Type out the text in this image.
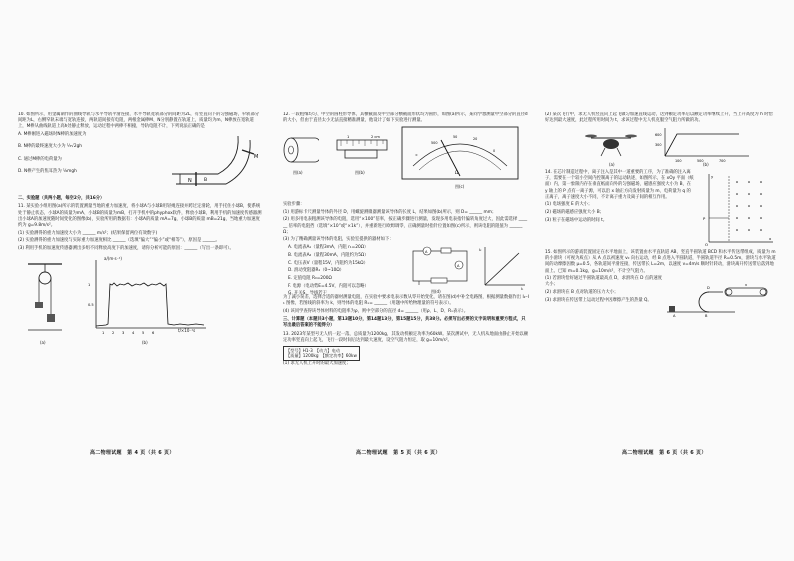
10. 如图所示，用金属制作的曲线导轨与水平导轨平滑连接，水平导轨宽轨部分的间距为2L，有竖直向下的匀强磁场，窄轨部分间距为L，右侧窄轨末端与宽轨连接，两轨道间接有电阻，两根金属棒M、N分别静置在轨道上，质量均为m，N棒放在宽轨道上，M棒从曲线轨道上高h处静止释放，运动过程中两棒不相撞，导轨电阻不计，下列说法正确的是

A. M棒刚进入磁场时N棒的加速度为

B. N棒的最终速度大小为 ⅓√2gh

C. 通过M棒的电荷量为

D. N棒产生的焦耳热为 ⅙mgh

M
N	B

二、实验题（共两小题，每空2分，共16分）

11. 某实验小组用图(a)所示的装置测量当地的重力加速度，将小球A与小球B用轻绳连接并跨过定滑轮，用手托住小球B，使系统处于静止状态，小球A的质量为mA、小球B的质量为mB，打开手机中的phyphox软件，释放小球B，利用手机的加速度传感器测出小球A的加速度随时间变化的图像(b)，实验所用的数据有：小球A的质量 mA=7g，小球B的质量 mB=21g，当地重力加速度约为 g=9.8m/s²。

(1) 实验测得的重力加速度大小为 ______ m/s²；(结果保留两位有效数字)

(2) 实验测得的重力加速度与实际重力加速度相比 ______（选填“偏大”“偏小”或“相等”），原因是 ______。

(3) 利用手机的加速度传感器测出多组不同释放高度下的加速度，请你分析可能的原因：______（写出一条即可）。

(a)
1 2 3 4 5 6
1
0.5
a/(m·s⁻²)
t/×10⁻¹s
(b)
高二物理试题　第 4 页（共 6 页）

12. 一段粗细均匀、中空的圆柱形导体，其横截面及中空部分横截面形状均为圆形，如图(a)所示，某同学想测量中空部分的直径d的大小，但由于直径太小无法直接精准测量，他设计了如下实验进行测量。

图(a)
1	2 cm
图(b)
∞
500
50	20
0
Ω
图(c)

实验步骤：

(1) 用游标卡尺测量导体的外径 D，用螺旋测微器测量该导体的长度 L，结果如图(b)所示，则 D= ______ mm；

(2) 用多用电表粗测该导体的电阻，选用“×100”倍率，按正确步骤进行测量，发现多用电表指针偏转角度过大，因此需选择 ______ 倍率的电阻挡（选填“×10”或“×1k”），并重新进行欧姆调零，正确测量时指针位置如图(c)所示，则该电阻的阻值为 ______ Ω；

(3) 为了精确测量该导体的电阻，实验室提供的器材如下：

A. 电流表A₁（量程3mA，内阻 r₁=20Ω）

B. 电流表A₂（量程30mA，内阻约为5Ω）

C. 电压表V（量程15V，内阻约为15kΩ）

D. 滑动变阻器R₁（0~10Ω）

E. 定值电阻 R₀=200Ω

F. 电源（电动势E=4.5V，内阻可以忽略）

G. 开关S、导线若干

A
A
图(d)
I₂
I₁

为了减小误差，选择合适的器材测量电阻，在实验中要求电表示数从零开始变化，请在图(d)中补全电路图，根据测量数据作出 I₂–I₁ 图像，若图线的斜率为 k，则导体的电阻 Rₓ= ______（用题中所给物理量的符号表示）。

(4) 该同学查得该导体材料的电阻率为ρ，则中空部分的直径 d= ______（用ρ、L、D、Rₓ表示）。

三、计算题（本题共3小题，第13题10分，第14题13分，第15题15分，共38分。必须写出必要的文字说明和重要方程式，只写出最后答案的不能得分）

13. 2023年某型号无人机一起一落，总质量为1200kg，其发动机额定功率为60kW。某次测试中，无人机从地面由静止开始以额定功率竖直向上起飞，飞行一段时间后达到最大速度，设空气阻力恒定，取 g=10m/s²。

【型号】H1-3　 【动力】电动
【质量】1200kg　 【额定功率】60kw

(1) 求无人机上升时的最大加速度；

高二物理试题　第 5 页（共 6 页）

(2) 某次飞行中，求无人机竖直向上起飞做匀加速直线运动，达到额定功率后以额定功率继续上升，当上升高度为 h 时恰好达到最大速度，此过程所用时间为 t，求该过程中无人机克服空气阻力所做的功。

(a)
600
300
100	500	700
(b)

14. 在芯片制造过程中，离子注入是其中一道重要的工序，为了准确的注入离子，需要在一个较小空间内控制离子的运动轨迹，如图所示，在 xOy 平面（纸面）内，第一象限内存在垂直纸面向外的匀强磁场，磁感应强度大小为 B，在 y 轴上的 P 点有一离子源，可以沿 x 轴正方向发射质量为 m、电荷量为 q 的正离子，离子速度大小不同，不计离子重力及离子间的相互作用。

(1) 电场强度 E 的大小；

(2) 磁场的磁感应强度大小 B；

(3) 粒子在磁场中运动的时间 t。	P
O
x
y

15. 如图所示的游戏装置固定在水平地面上，该装置由水平直轨道 AB、竖直半圆轨道 BCD 和水平传送带组成，质量为 m 的小滑块（可视为质点）从 A 点以初速度 v₀ 向右运动，经 B 点进入半圆轨道，半圆轨道半径 R=0.5m，滑块与水平轨道间的动摩擦因数 μ=0.5，各轨道间平滑连接，传送带长 L=2m，以速度 v=4m/s 顺时针转动，滑块离开传送带后落到地面上。已知 m=0.1kg，g=10m/s²，不计空气阻力。

(1) 若滑块恰好通过半圆轨道最高点 D，求滑块在 D 点的速度大小；

(2) 求滑块在 B 点对轨道的压力大小；

(3) 求滑块在传送带上运动过程中因摩擦产生的热量 Q。

A	B
D
v
高二物理试题　第 6 页（共 6 页）
